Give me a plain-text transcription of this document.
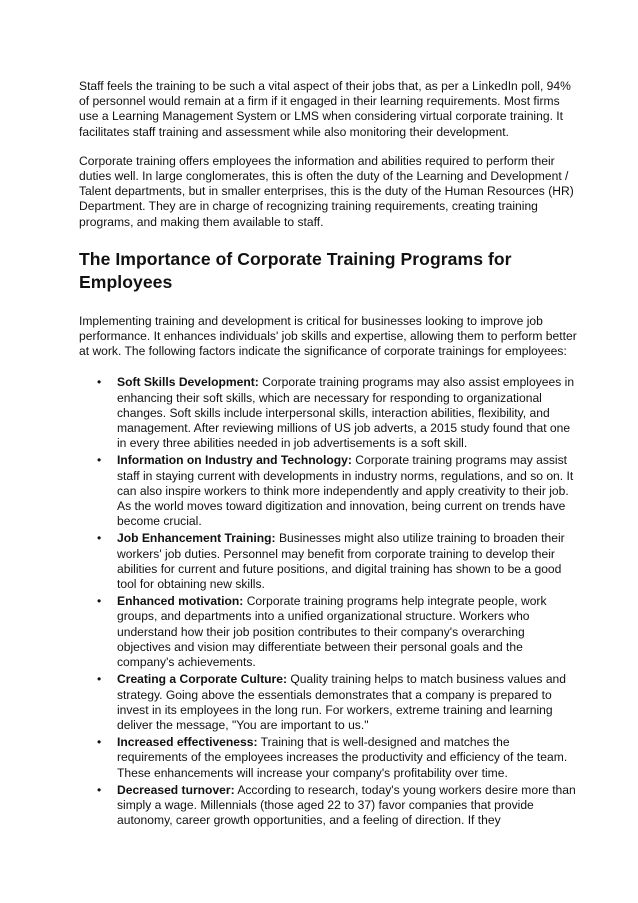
Staff feels the training to be such a vital aspect of their jobs that, as per a LinkedIn poll, 94% of personnel would remain at a firm if it engaged in their learning requirements. Most firms use a Learning Management System or LMS when considering virtual corporate training. It facilitates staff training and assessment while also monitoring their development.

Corporate training offers employees the information and abilities required to perform their duties well. In large conglomerates, this is often the duty of the Learning and Development / Talent departments, but in smaller enterprises, this is the duty of the Human Resources (HR) Department. They are in charge of recognizing training requirements, creating training programs, and making them available to staff.

The Importance of Corporate Training Programs for Employees

Implementing training and development is critical for businesses looking to improve job performance. It enhances individuals' job skills and expertise, allowing them to perform better at work. The following factors indicate the significance of corporate trainings for employees:

• Soft Skills Development: Corporate training programs may also assist employees in enhancing their soft skills, which are necessary for responding to organizational changes. Soft skills include interpersonal skills, interaction abilities, flexibility, and management. After reviewing millions of US job adverts, a 2015 study found that one in every three abilities needed in job advertisements is a soft skill.
• Information on Industry and Technology: Corporate training programs may assist staff in staying current with developments in industry norms, regulations, and so on. It can also inspire workers to think more independently and apply creativity to their job. As the world moves toward digitization and innovation, being current on trends have become crucial.
• Job Enhancement Training: Businesses might also utilize training to broaden their workers' job duties. Personnel may benefit from corporate training to develop their abilities for current and future positions, and digital training has shown to be a good tool for obtaining new skills.
• Enhanced motivation: Corporate training programs help integrate people, work groups, and departments into a unified organizational structure. Workers who understand how their job position contributes to their company's overarching objectives and vision may differentiate between their personal goals and the company's achievements.
• Creating a Corporate Culture: Quality training helps to match business values and strategy. Going above the essentials demonstrates that a company is prepared to invest in its employees in the long run. For workers, extreme training and learning deliver the message, "You are important to us."
• Increased effectiveness: Training that is well-designed and matches the requirements of the employees increases the productivity and efficiency of the team. These enhancements will increase your company's profitability over time.
• Decreased turnover: According to research, today's young workers desire more than simply a wage. Millennials (those aged 22 to 37) favor companies that provide autonomy, career growth opportunities, and a feeling of direction. If they
